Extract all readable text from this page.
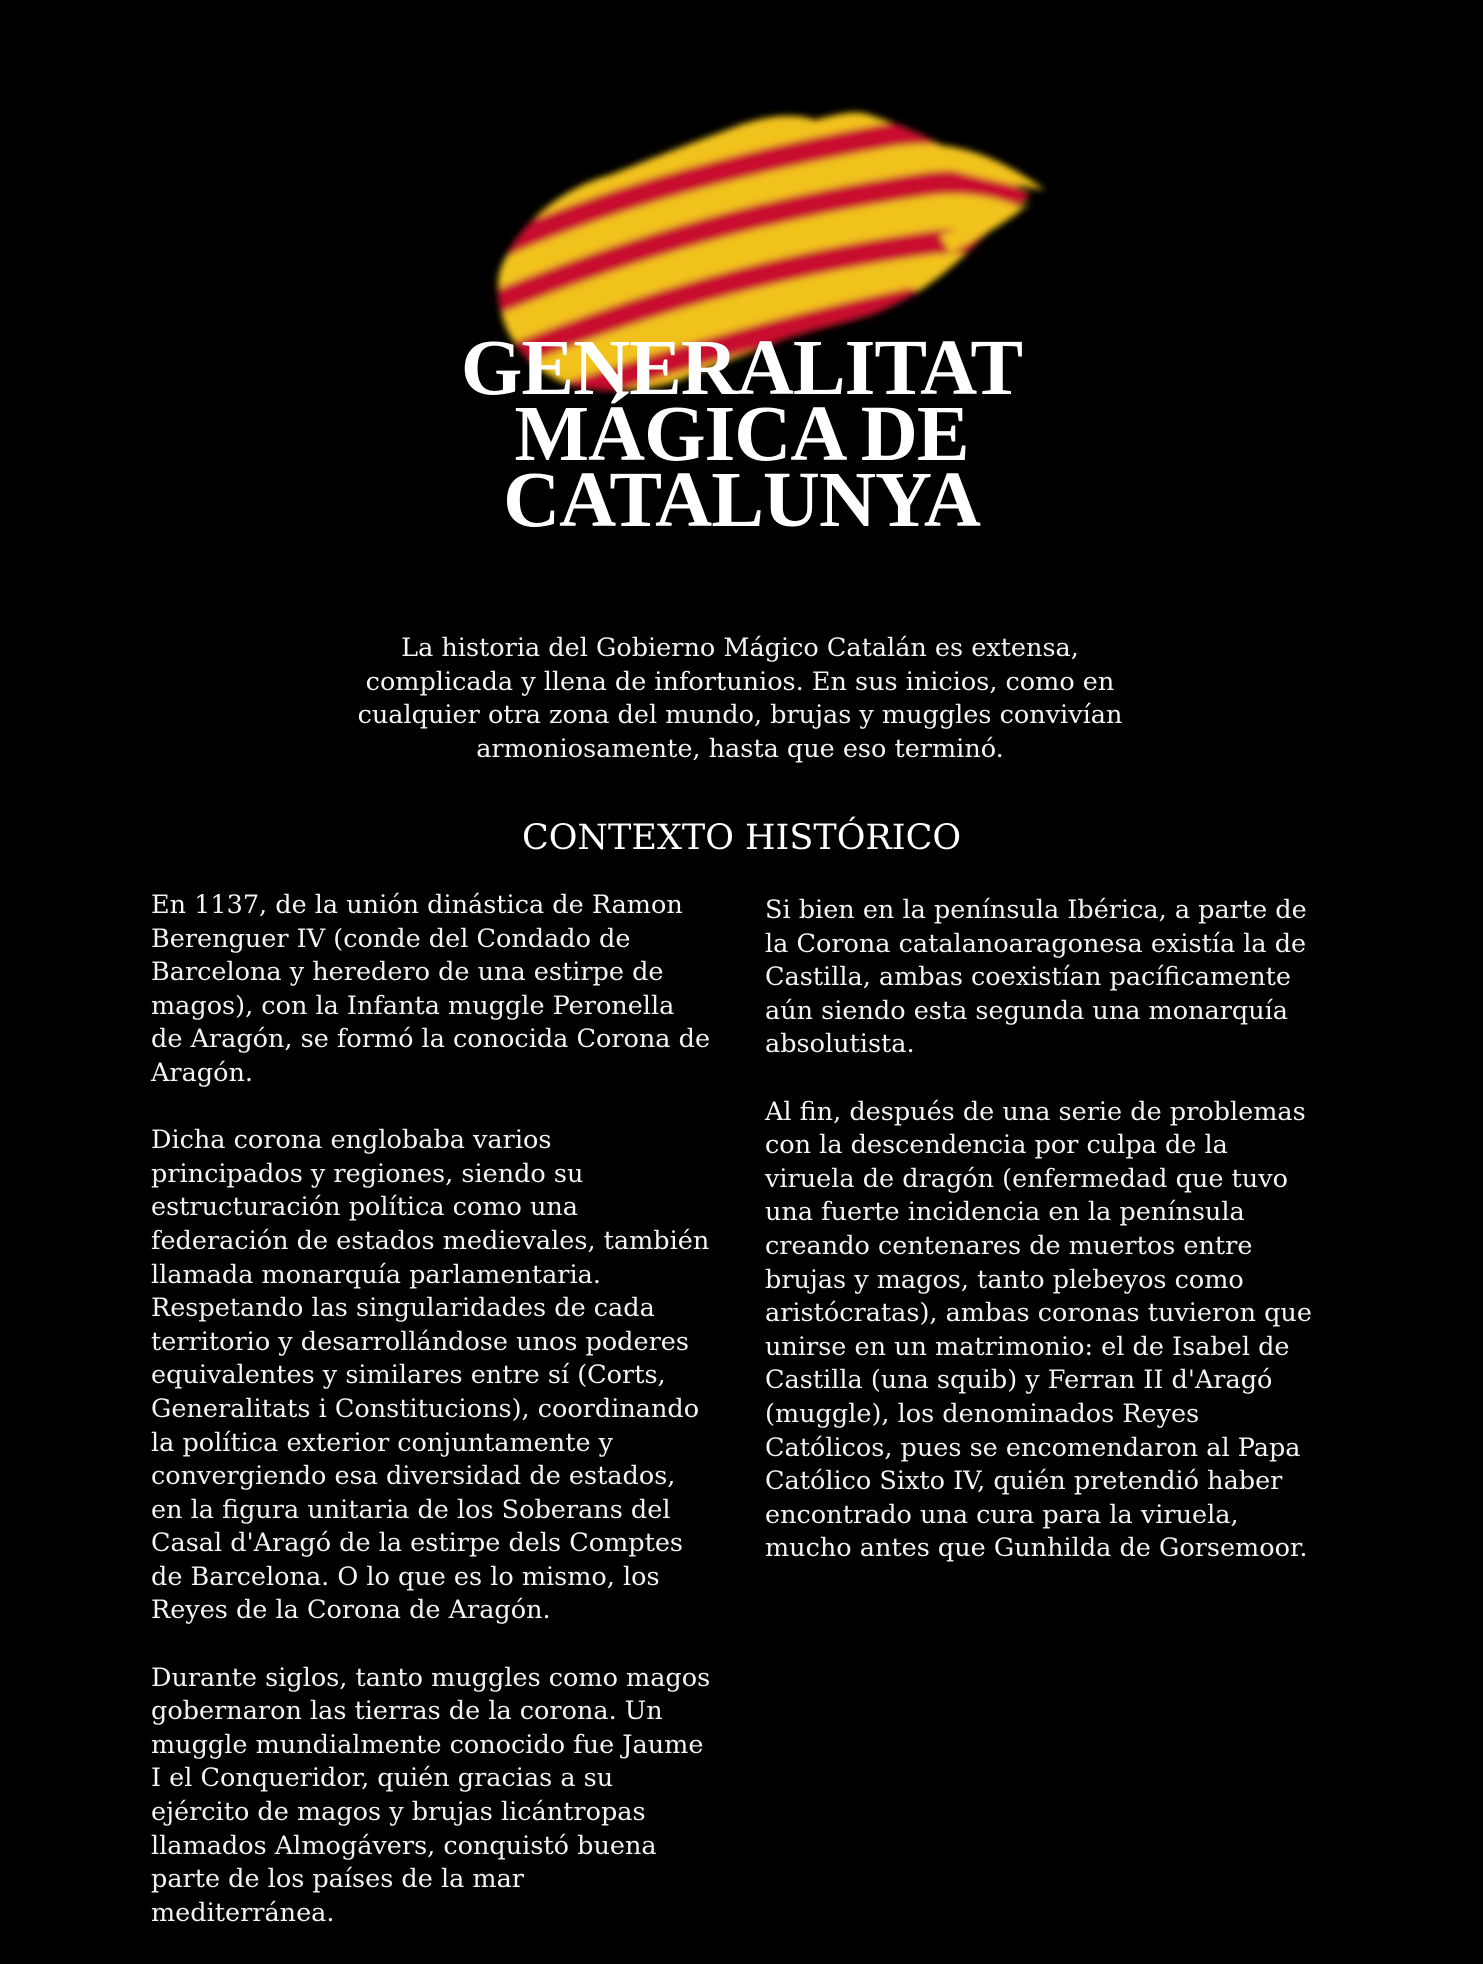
GENERALITAT
MÁGICA DE
CATALUNYA

La historia del Gobierno Mágico Catalán es extensa, complicada y llena de infortunios. En sus inicios, como en cualquier otra zona del mundo, brujas y muggles convivían armoniosamente, hasta que eso terminó.

CONTEXTO HISTÓRICO

En 1137, de la unión dinástica de Ramon Berenguer IV (conde del Condado de Barcelona y heredero de una estirpe de magos), con la Infanta muggle Peronella de Aragón, se formó la conocida Corona de Aragón.

Dicha corona englobaba varios principados y regiones, siendo su estructuración política como una federación de estados medievales, también llamada monarquía parlamentaria. Respetando las singularidades de cada territorio y desarrollándose unos poderes equivalentes y similares entre sí (Corts, Generalitats i Constitucions), coordinando la política exterior conjuntamente y convergiendo esa diversidad de estados, en la figura unitaria de los Soberans del Casal d'Aragó de la estirpe dels Comptes de Barcelona. O lo que es lo mismo, los Reyes de la Corona de Aragón.

Durante siglos, tanto muggles como magos gobernaron las tierras de la corona. Un muggle mundialmente conocido fue Jaume I el Conqueridor, quién gracias a su ejército de magos y brujas licántropas llamados Almogávers, conquistó buena parte de los países de la mar mediterránea.

Si bien en la península Ibérica, a parte de la Corona catalanoaragonesa existía la de Castilla, ambas coexistían pacíficamente aún siendo esta segunda una monarquía absolutista.

Al fin, después de una serie de problemas con la descendencia por culpa de la viruela de dragón (enfermedad que tuvo una fuerte incidencia en la península creando centenares de muertos entre brujas y magos, tanto plebeyos como aristócratas), ambas coronas tuvieron que unirse en un matrimonio: el de Isabel de Castilla (una squib) y Ferran II d'Aragó (muggle), los denominados Reyes Católicos, pues se encomendaron al Papa Católico Sixto IV, quién pretendió haber encontrado una cura para la viruela, mucho antes que Gunhilda de Gorsemoor.
